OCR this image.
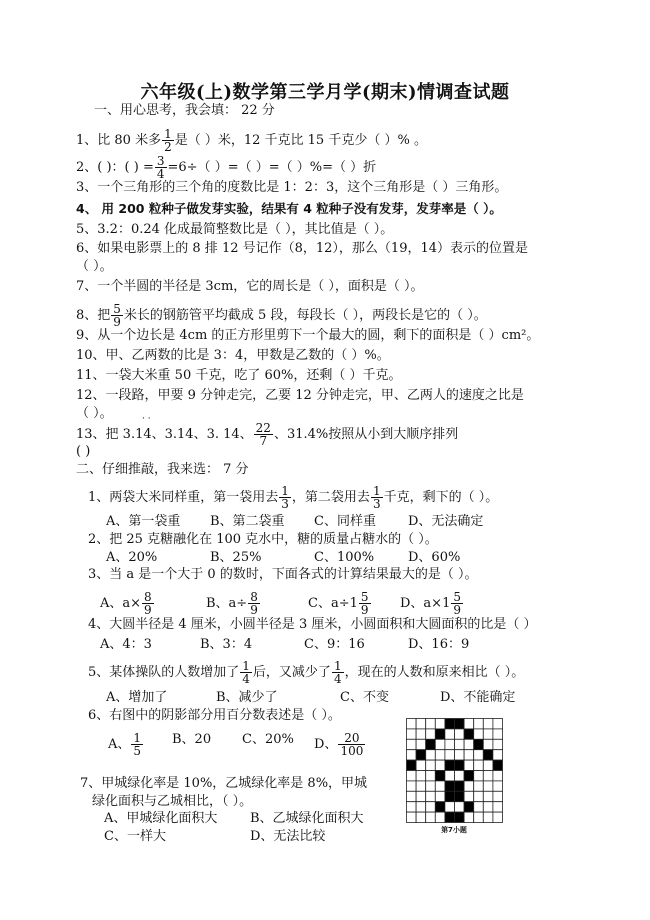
六年级(上)数学第三学月学(期末)情调查试题
一、用心思考，我会填： 22 分
1、比 80 米多 $\frac{1}{2}$ 是（ ）米，12 千克比 15 千克少（ ）% 。
2、( )：( ) = $\frac{3}{4} =6\div$（ ）=（ ）=（ ）%=（ ）折
3、一个三角形的三个角的度数比是 1：2：3，这个三角形是（ ）三角形。
4、 用 200 粒种子做发芽实验，结果有 4 粒种子没有发芽，发芽率是（ ）。
5、3.2：0.24 化成最简整数比是（ ），其比值是（ ）。
6、如果电影票上的 8 排 12 号记作（8，12），那么（19，14）表示的位置是
（ ）。
7、一个半圆的半径是 3cm，它的周长是（ ），面积是（ ）。
8、把 $\frac{5}{9}$ 米长的钢筋管平均截成 5 段，每段长（ ），两段长是它的（ ）。
9、从一个边长是 4cm 的正方形里剪下一个最大的圆，剩下的面积是（ ）cm²。
10、甲、乙两数的比是 3：4，甲数是乙数的（ ）%。
11、一袋大米重 50 千克，吃了 60%，还剩（ ）千克。
12、一段路，甲要 9 分钟走完，乙要 12 分钟走完，甲、乙两人的速度之比是
（ ）。
13、把 3.14、3.14、3. 14、 $\frac{22}{7}$ 、31.4%按照从小到大顺序排列
· ·
( )
二、仔细推敲，我来选： 7 分
1、两袋大米同样重，第一袋用去 $\frac{1}{3}$ ，第二袋用去 $\frac{1}{3}$ 千克，剩下的（ ）。
A、第一袋重 B、第二袋重 C、同样重 D、无法确定
2、把 25 克糖融化在 100 克水中，糖的质量占糖水的（ ）。
A、20%	B、25%	C、100%	D、60%
3、当 a 是一个大于 0 的数时，下面各式的计算结果最大的是（ ）。
A、$a\times \frac{8}{9}$	B、$a\div \frac{8}{9}$	C、$a\div 1 \frac{5}{9}$ D、$a\times 1 \frac{5}{9}$
4、大圆半径是 4 厘米，小圆半径是 3 厘米，小圆面积和大圆面积的比是（ ）
A、4：3	B、3：4	C、9：16	D、16：9
5、某体操队的人数增加了 $\frac{1}{4}$ 后，又减少了 $\frac{1}{4}$ ，现在的人数和原来相比（ ）。
A、增加了	B、减少了	C、不变	D、不能确定
6、右图中的阴影部分用百分数表述是（ ）。
A、 $\frac{1}{5}$ B、20 C、20% D、 $\frac{20}{100}$
7、甲城绿化率是 10%，乙城绿化率是 8%，甲城
绿化面积与乙城相比，（ ）。
A、甲城绿化面积大	B、乙城绿化面积大
C、一样大	D、无法比较	第7小题
